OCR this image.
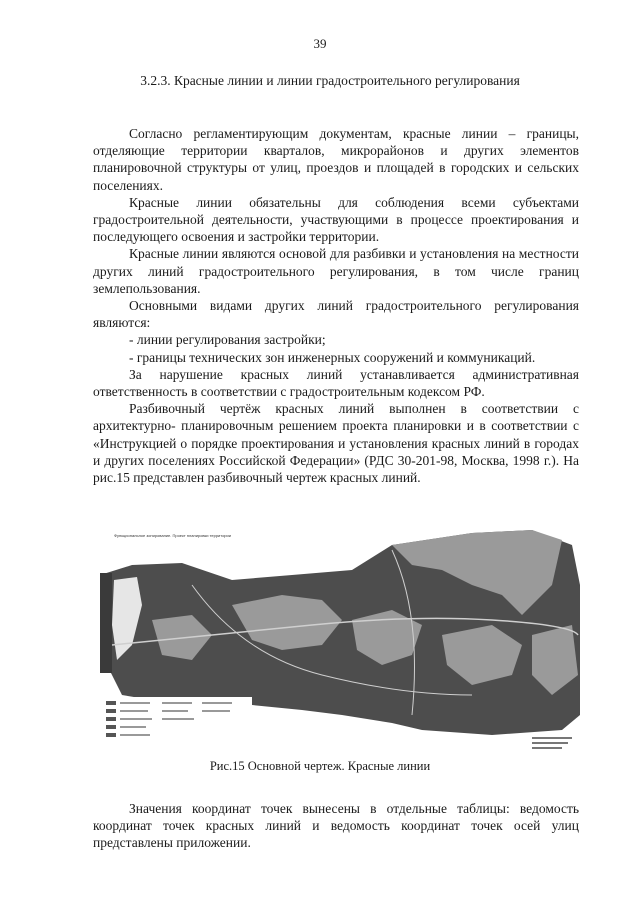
39
3.2.3. Красные линии и линии градостроительного регулирования

Согласно регламентирующим документам, красные линии – границы, отделяющие территории кварталов, микрорайонов и других элементов планировочной структуры от улиц, проездов и площадей в городских и сельских поселениях.

Красные линии обязательны для соблюдения всеми субъектами градостроительной деятельности, участвующими в процессе проектирования и последующего освоения и застройки территории.

Красные линии являются основой для разбивки и установления на местности других линий градостроительного регулирования, в том числе границ землепользования.

Основными видами других линий градостроительного регулирования являются:

- линии регулирования застройки;

- границы технических зон инженерных сооружений и коммуникаций.

За нарушение красных линий устанавливается административная ответственность в соответствии с градостроительным кодексом РФ.

Разбивочный чертёж красных линий выполнен в соответствии с архитектурно- планировочным решением проекта планировки и в соответствии с «Инструкцией о порядке проектирования и установления красных линий в городах и других поселениях Российской Федерации» (РДС 30-201-98, Москва, 1998 г.). На рис.15 представлен разбивочный чертеж красных линий.

Функциональное зонирование. Проект планировки территории
Рис.15 Основной чертеж. Красные линии

Значения координат точек вынесены в отдельные таблицы: ведомость координат точек красных линий и ведомость координат точек осей улиц представлены приложении.
